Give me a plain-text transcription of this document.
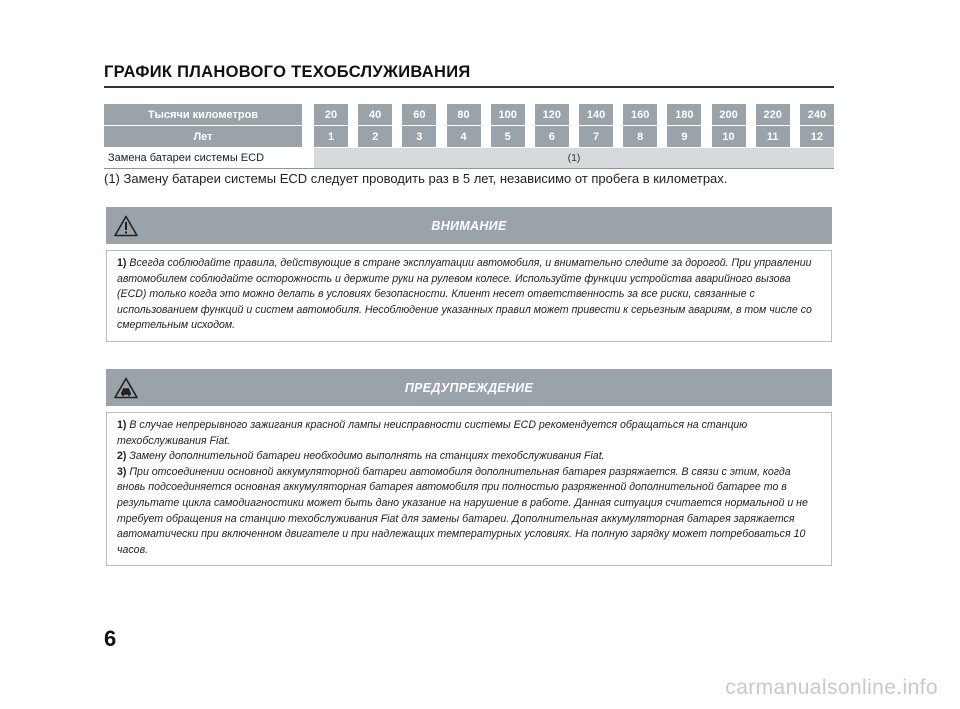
ГРАФИК ПЛАНОВОГО ТЕХОБСЛУЖИВАНИЯ
Тысячи километров	20	40	60	80	100	120	140	160	180	200	220	240
Лет	1	2	3	4	5	6	7	8	9	10	11	12
Замена батареи системы ECD	(1)
(1) Замену батареи системы ECD следует проводить раз в 5 лет, независимо от пробега в километрах.
ВНИМАНИЕ

1) Всегда соблюдайте правила, действующие в стране эксплуатации автомобиля, и внимательно следите за дорогой. При управлении автомобилем соблюдайте осторожность и держите руки на рулевом колесе. Используйте функции устройства аварийного вызова (ECD) только когда это можно делать в условиях безопасности. Клиент несет ответственность за все риски, связанные с использованием функций и систем автомобиля. Несоблюдение указанных правил может привести к серьезным авариям, в том числе со смертельным исходом.

ПРЕДУПРЕЖДЕНИЕ

1) В случае непрерывного зажигания красной лампы неисправности системы ECD рекомендуется обращаться на станцию техобслуживания Fiat.

2) Замену дополнительной батареи необходимо выполнять на станциях техобслуживания Fiat.

3) При отсоединении основной аккумуляторной батареи автомобиля дополнительная батарея разряжается. В связи с этим, когда вновь подсоединяется основная аккумуляторная батарея автомобиля при полностью разряженной дополнительной батарее то в результате цикла самодиагностики может быть дано указание на нарушение в работе. Данная ситуация считается нормальной и не требует обращения на станцию техобслуживания Fiat для замены батареи. Дополнительная аккумуляторная батарея заряжается автоматически при включенном двигателе и при надлежащих температурных условиях. На полную зарядку может потребоваться 10 часов.

6
carmanualsonline.info
